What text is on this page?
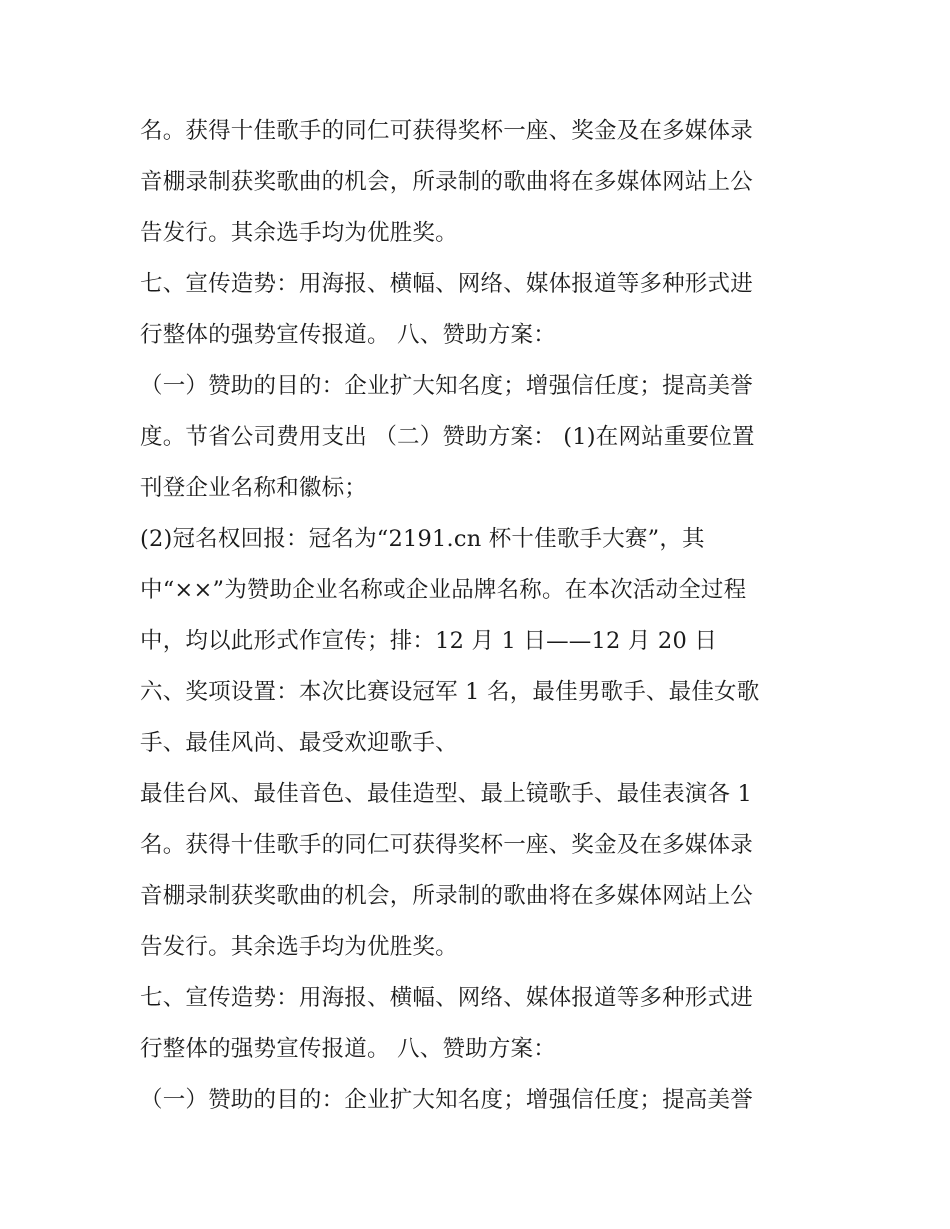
名。获得十佳歌手的同仁可获得奖杯一座、奖金及在多媒体录
音棚录制获奖歌曲的机会，所录制的歌曲将在多媒体网站上公
告发行。其余选手均为优胜奖。
七、宣传造势：用海报、横幅、网络、媒体报道等多种形式进
行整体的强势宣传报道。 八、赞助方案：
（一）赞助的目的：企业扩大知名度；增强信任度；提高美誉
度。节省公司费用支出 （二）赞助方案： (1)在网站重要位置
刊登企业名称和徽标；
(2)冠名权回报：冠名为“2191.cn 杯十佳歌手大赛”，其
中“××”为赞助企业名称或企业品牌名称。在本次活动全过程
中，均以此形式作宣传；排：12 月 1 日——12 月 20 日
六、奖项设置：本次比赛设冠军 1 名，最佳男歌手、最佳女歌
手、最佳风尚、最受欢迎歌手、
最佳台风、最佳音色、最佳造型、最上镜歌手、最佳表演各 1
名。获得十佳歌手的同仁可获得奖杯一座、奖金及在多媒体录
音棚录制获奖歌曲的机会，所录制的歌曲将在多媒体网站上公
告发行。其余选手均为优胜奖。
七、宣传造势：用海报、横幅、网络、媒体报道等多种形式进
行整体的强势宣传报道。 八、赞助方案：
（一）赞助的目的：企业扩大知名度；增强信任度；提高美誉
